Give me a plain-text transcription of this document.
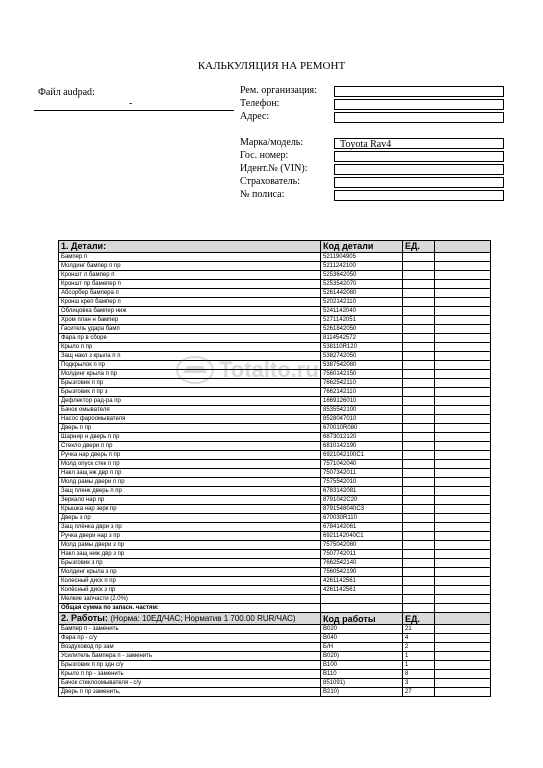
КАЛЬКУЛЯЦИЯ НА РЕМОНТ
Файл audpad:
-
Рем. организация:
Телефон:
Адрес:
Марка/модель:	Toyota Rav4
Гос. номер:
Идент.№ (VIN):
Страхователь:
№ полиса:
1. Детали:	Код детали	ЕД.	
Бампер п	5211904905		
Молдинг бампер п пр	5211242100		
Кроншт л бампер п	5253642050		
Кроншт пр бамепер п	5253542070		
Абсорбер бампера п	5261442080		
Кронш креп бампер п	5202142110		
Облицовка бампер ниж	5241142040		
Хром план н бампер	5271142051		
Гаситель удара бамп	5261842050		
Фара пр в сборе	8114542572		
Крыло п пр	538110R120		
Защ накл з крыла п п	5382742050		
Подкрылок п пр	5387542080		
Молдинг крыла п пр	7560142150		
Брызговик п пр	7662542110		
Брызговик п пр з	7662142110		
Дефлектор рад-ра пр	1669126010		
Бачок омывателя	8535542100		
Насос фароомывателя	8528047010		
Дверь п пр	670010R080		
Шарнир н дверь п пр	6873012120		
Стекло двери п пр	6810142190		
Ручка нар дверь п пр	6921042100C1		
Молд опуск стек п пр	7571042040		
Накл защ нж двр п пр	7507342011		
Молд рамы двери п пр	7575542010		
Защ пленк дверь п пр	6783142081		
Зеркало нар пр	8791042C20		
Крышка нар зерк пр	8791548040C3		
Дверь з пр	670030R110		
Защ плёнка дври з пр	6784142061		
Ручка двери нар з пр	6921142040C1		
Молд рамы двери з пр	7575042080		
Накл защ ниж двр з пр	7507742011		
Брызговик з пр	7662542140		
Молдинг крыла з пр	7560542190		
Колесный диск п пр	4261142561		
Колёсный диск з пр	4261142561		
Мелкие запчасти (2.0%)			
Общая сумма по запасн. частям:			
2. Работы: (Норма: 10ЕД/ЧАС; Норматив 1 700.00 RUR/ЧАС)	Код работы	ЕД.	
Бампер п - заменить	B020	21	
Фара пр - с/у	B040	4	
Воздуховод пр зам	Б/Н	2	
Усилитель бампера п - заменить	B020)	1	
Брызговик п пр здн с/у	B100	1	
Крыло п пр - заменить	B110	8	
Бачок стеклоомывателя - с/у	851091)	3	
Дверь п пр заменить,	B210)	27	
Totalto.ru
